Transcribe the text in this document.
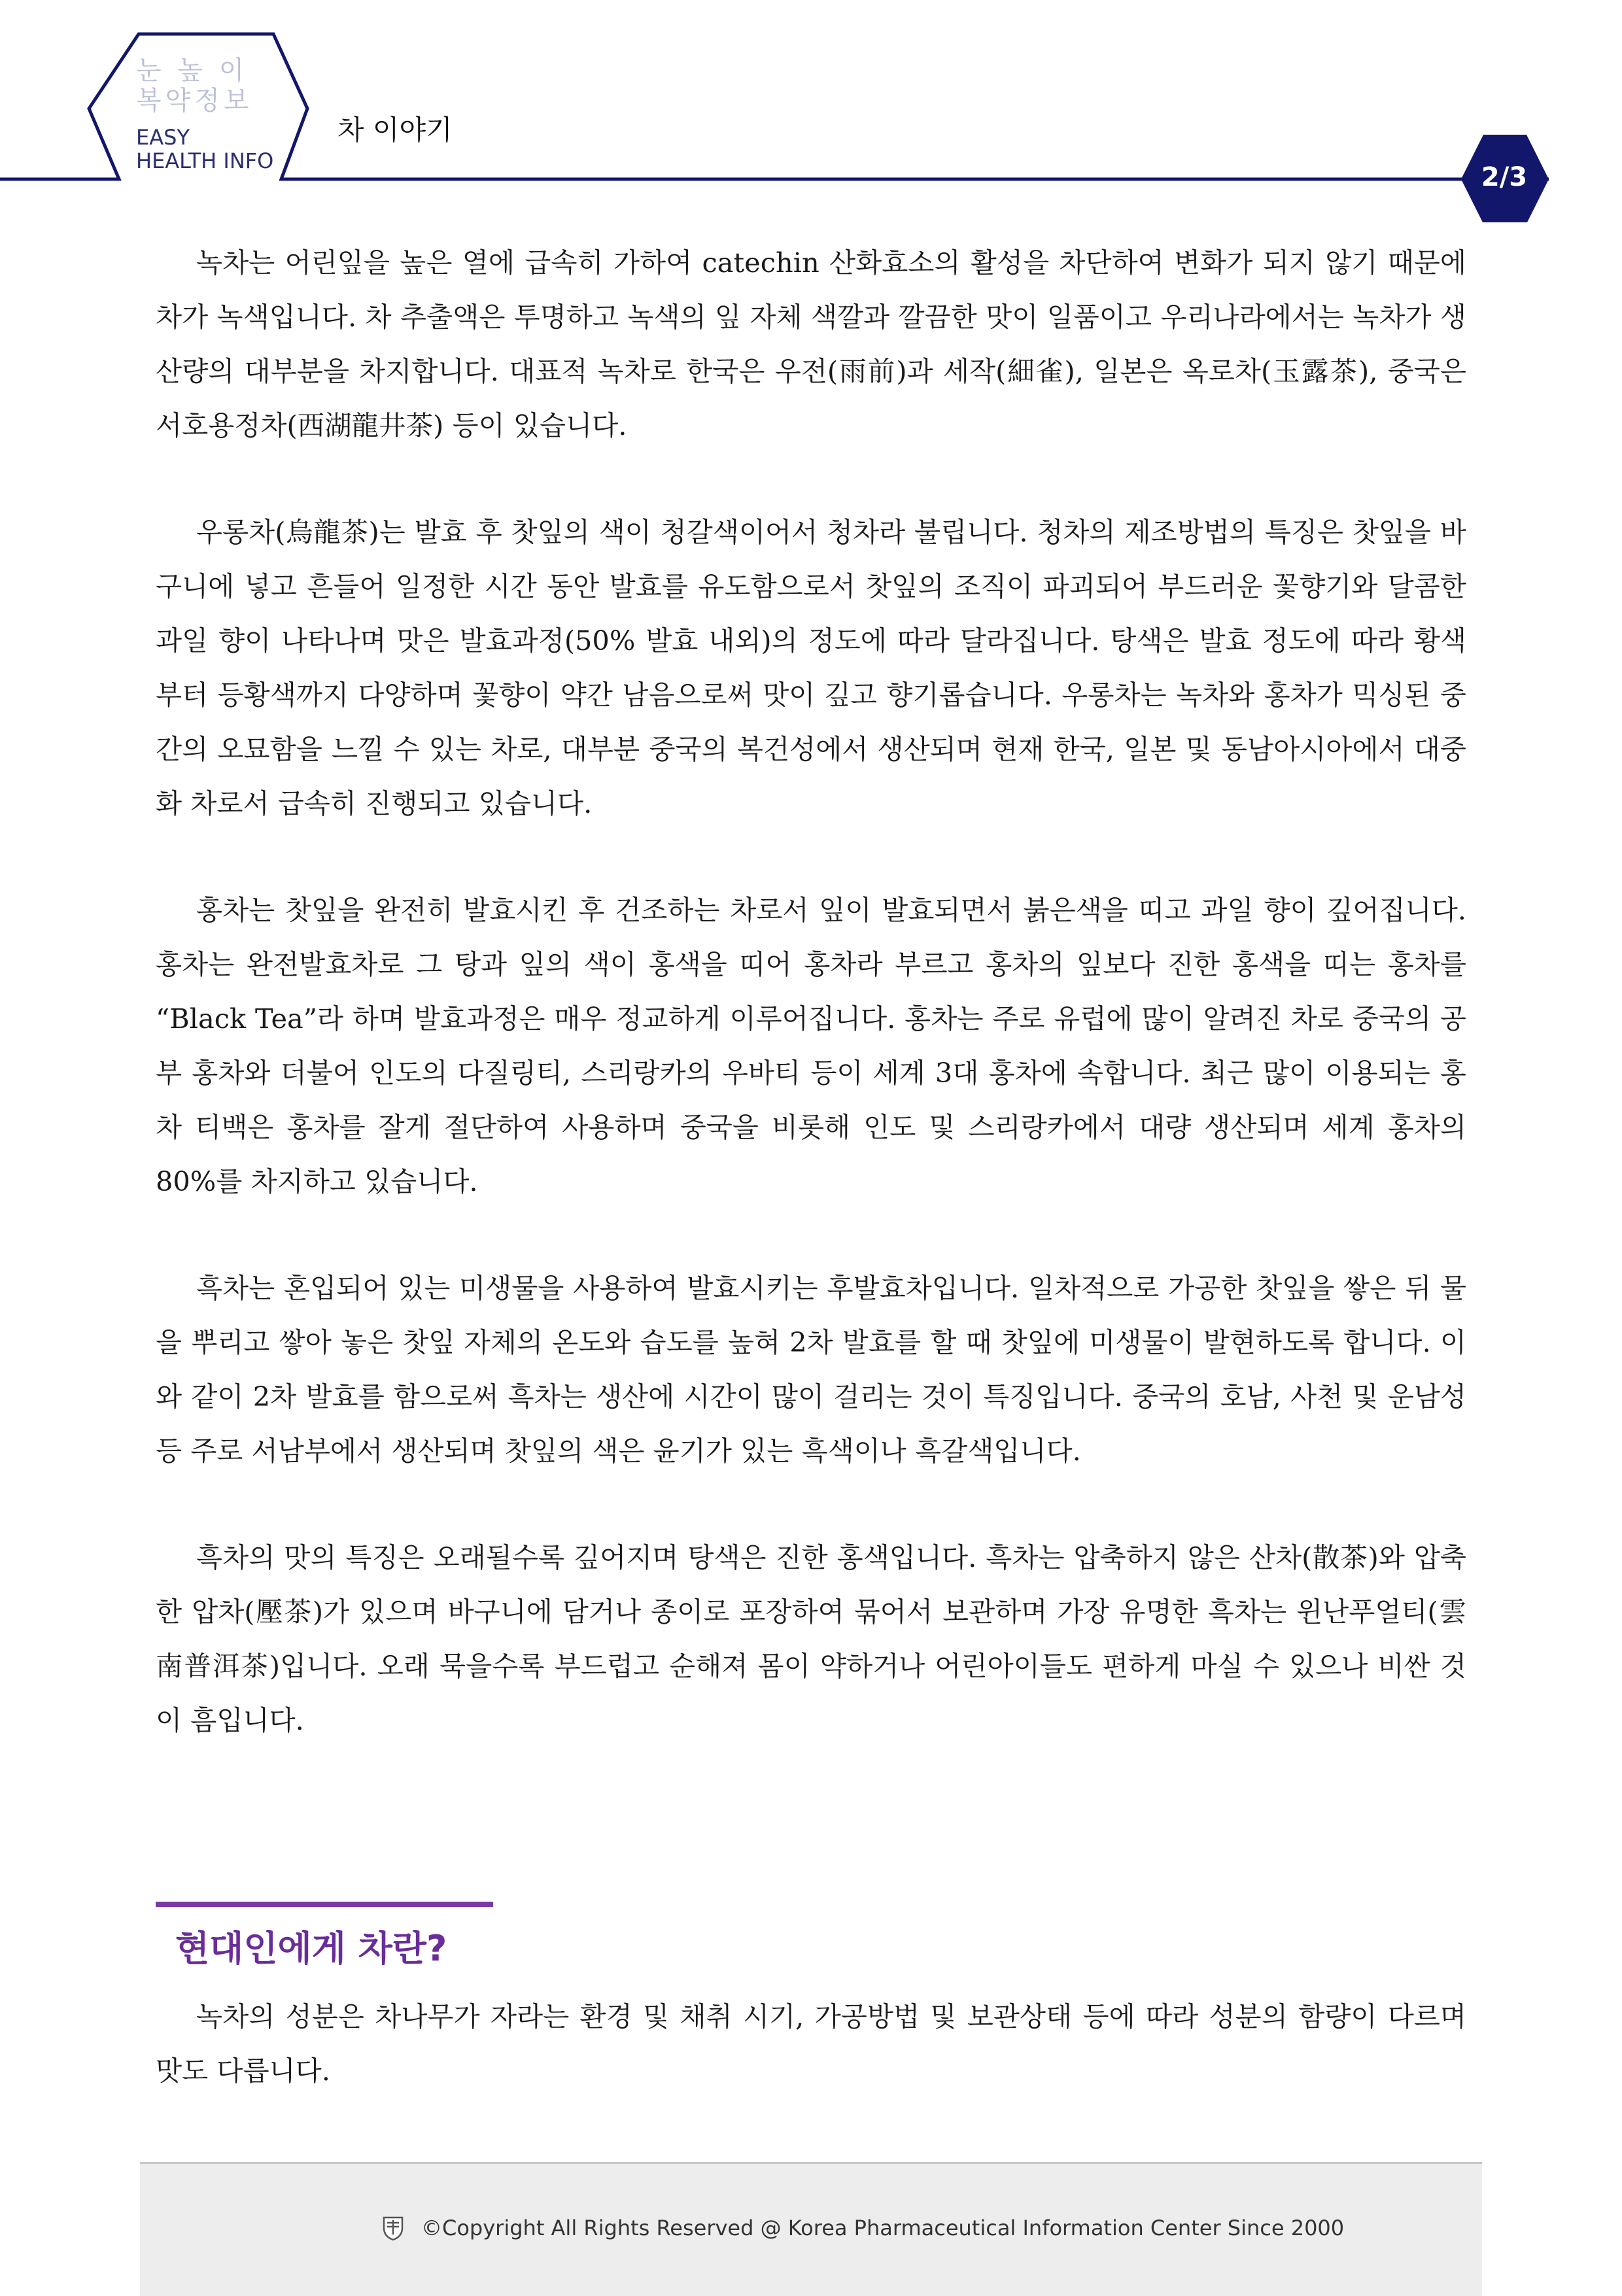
눈 높 이
복약정보
EASY
HEALTH INFO
차 이야기
2/3

녹차는 어린잎을 높은 열에 급속히 가하여 catechin 산화효소의 활성을 차단하여 변화가 되지 않기 때문에 차가 녹색입니다. 차 추출액은 투명하고 녹색의 잎 자체 색깔과 깔끔한 맛이 일품이고 우리나라에서는 녹차가 생산량의 대부분을 차지합니다. 대표적 녹차로 한국은 우전(雨前)과 세작(細雀), 일본은 옥로차(玉露茶), 중국은 서호용정차(西湖龍井茶) 등이 있습니다.

우롱차(烏龍茶)는 발효 후 찻잎의 색이 청갈색이어서 청차라 불립니다. 청차의 제조방법의 특징은 찻잎을 바구니에 넣고 흔들어 일정한 시간 동안 발효를 유도함으로서 찻잎의 조직이 파괴되어 부드러운 꽃향기와 달콤한 과일 향이 나타나며 맛은 발효과정(50% 발효 내외)의 정도에 따라 달라집니다. 탕색은 발효 정도에 따라 황색부터 등황색까지 다양하며 꽃향이 약간 남음으로써 맛이 깊고 향기롭습니다. 우롱차는 녹차와 홍차가 믹싱된 중간의 오묘함을 느낄 수 있는 차로, 대부분 중국의 복건성에서 생산되며 현재 한국, 일본 및 동남아시아에서 대중화 차로서 급속히 진행되고 있습니다.

홍차는 찻잎을 완전히 발효시킨 후 건조하는 차로서 잎이 발효되면서 붉은색을 띠고 과일 향이 깊어집니다. 홍차는 완전발효차로 그 탕과 잎의 색이 홍색을 띠어 홍차라 부르고 홍차의 잎보다 진한 홍색을 띠는 홍차를 “Black Tea”라 하며 발효과정은 매우 정교하게 이루어집니다. 홍차는 주로 유럽에 많이 알려진 차로 중국의 공부 홍차와 더불어 인도의 다질링티, 스리랑카의 우바티 등이 세계 3대 홍차에 속합니다. 최근 많이 이용되는 홍차 티백은 홍차를 잘게 절단하여 사용하며 중국을 비롯해 인도 및 스리랑카에서 대량 생산되며 세계 홍차의 80%를 차지하고 있습니다.

흑차는 혼입되어 있는 미생물을 사용하여 발효시키는 후발효차입니다. 일차적으로 가공한 찻잎을 쌓은 뒤 물을 뿌리고 쌓아 놓은 찻잎 자체의 온도와 습도를 높혀 2차 발효를 할 때 찻잎에 미생물이 발현하도록 합니다. 이와 같이 2차 발효를 함으로써 흑차는 생산에 시간이 많이 걸리는 것이 특징입니다. 중국의 호남, 사천 및 운남성 등 주로 서남부에서 생산되며 찻잎의 색은 윤기가 있는 흑색이나 흑갈색입니다.

흑차의 맛의 특징은 오래될수록 깊어지며 탕색은 진한 홍색입니다. 흑차는 압축하지 않은 산차(散茶)와 압축한 압차(壓茶)가 있으며 바구니에 담거나 종이로 포장하여 묶어서 보관하며 가장 유명한 흑차는 윈난푸얼티(雲南普洱茶)입니다. 오래 묵을수록 부드럽고 순해져 몸이 약하거나 어린아이들도 편하게 마실 수 있으나 비싼 것이 흠입니다.

현대인에게 차란?

녹차의 성분은 차나무가 자라는 환경 및 채취 시기, 가공방법 및 보관상태 등에 따라 성분의 함량이 다르며 맛도 다릅니다.

©Copyright All Rights Reserved @ Korea Pharmaceutical Information Center Since 2000
